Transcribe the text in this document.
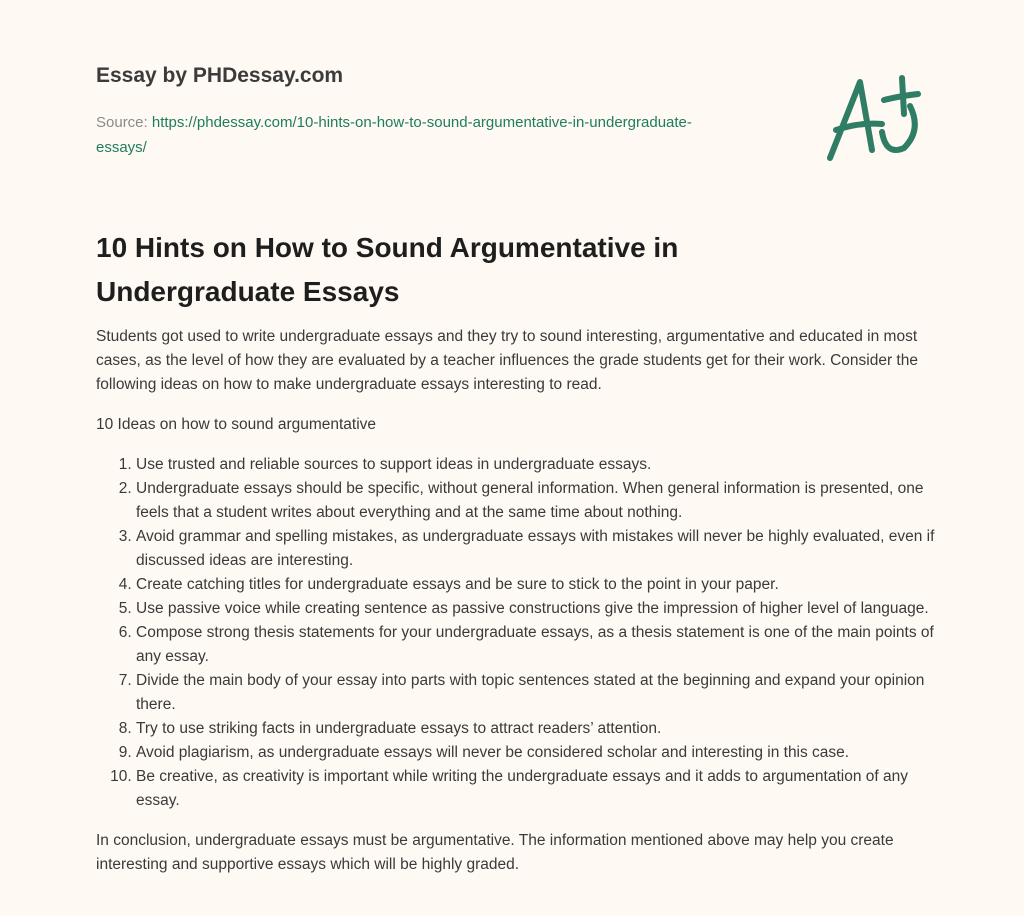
Essay by PHDessay.com
Source: https://phdessay.com/10-hints-on-how-to-sound-argumentative-in-undergraduate-essays/
10 Hints on How to Sound Argumentative in Undergraduate Essays

Students got used to write undergraduate essays and they try to sound interesting, argumentative and educated in most cases, as the level of how they are evaluated by a teacher influences the grade students get for their work. Consider the following ideas on how to make undergraduate essays interesting to read.

10 Ideas on how to sound argumentative

1. Use trusted and reliable sources to support ideas in undergraduate essays.
2. Undergraduate essays should be specific, without general information. When general information is presented, one feels that a student writes about everything and at the same time about nothing.
3. Avoid grammar and spelling mistakes, as undergraduate essays with mistakes will never be highly evaluated, even if discussed ideas are interesting.
4. Create catching titles for undergraduate essays and be sure to stick to the point in your paper.
5. Use passive voice while creating sentence as passive constructions give the impression of higher level of language.
6. Compose strong thesis statements for your undergraduate essays, as a thesis statement is one of the main points of any essay.
7. Divide the main body of your essay into parts with topic sentences stated at the beginning and expand your opinion there.
8. Try to use striking facts in undergraduate essays to attract readers’ attention.
9. Avoid plagiarism, as undergraduate essays will never be considered scholar and interesting in this case.
10. Be creative, as creativity is important while writing the undergraduate essays and it adds to argumentation of any essay.

In conclusion, undergraduate essays must be argumentative. The information mentioned above may help you create interesting and supportive essays which will be highly graded.
